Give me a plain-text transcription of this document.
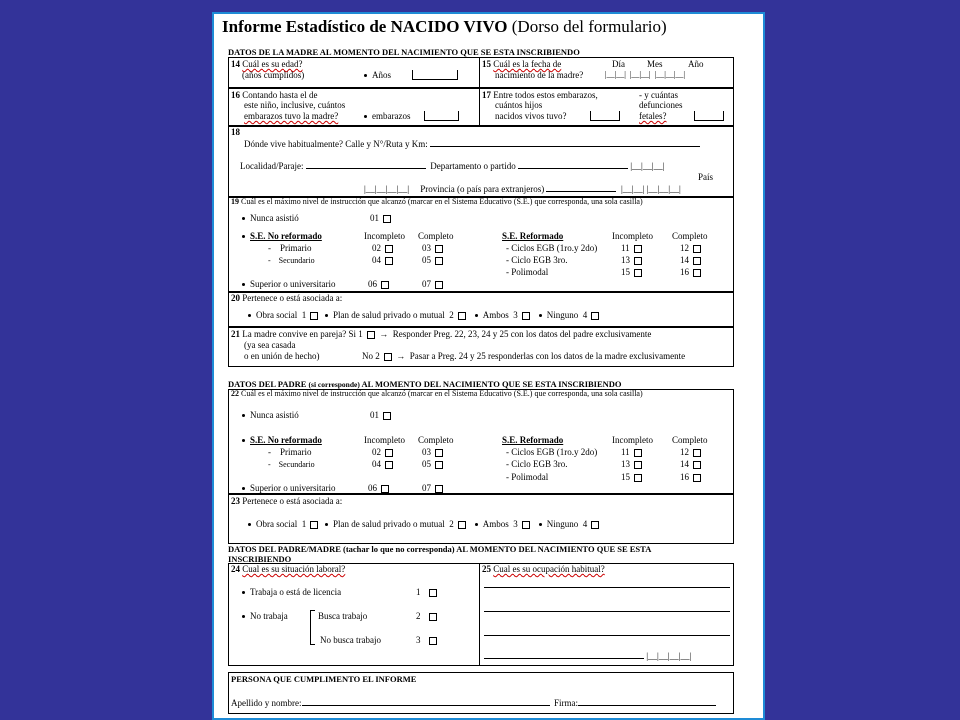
Informe Estadístico de NACIDO VIVO (Dorso del formulario)
DATOS DE LA MADRE AL MOMENTO DEL NACIMIENTO QUE SE ESTA INSCRIBIENDO
14 Cuál es su edad?
(años cumplidos)	Años
15 Cuál es la fecha de
nacimiento de la madre?
Día Mes	Año
|__|__|  |__|__|  |__|__|__|
16 Contando hasta el de
este niño, inclusive, cuántos
embarazos tuvo la madre?	embarazos
17 Entre todos estos embarazos,
cuántos hijos
nacidos vivos tuvo?
- y cuántas
defunciones
fetales?
18
Dónde vive habitualmente? Calle y N°/Ruta y Km:
Localidad/Paraje:	Departamento o partido	|__|__|__|
País
|__|__|__|__|     Provincia (o país para extranjeros)	|__|__| |__|__|__|
19 Cuál es el máximo nivel de instrucción que alcanzó (marcar en el Sistema Educativo (S.E.) que corresponda, una sola casilla)
Nunca asistió	01
S.E. No reformado	Incompleto Completo	S.E. Reformado	Incompleto Completo
-    Primario	02	03	- Ciclos EGB (1ro.y 2do)	11	12
-    Secundario	04	05	- Ciclo EGB 3ro.	13	14
- Polimodal	15	16
Superior o universitario	06	07
20 Pertenece o está asociada a:
Obra social 1	Plan de salud privado o mutual 2	Ambos 3	Ninguno 4
21 La madre convive en pareja? Si 1  →  Responder Preg. 22, 23, 24 y 25 con los datos del padre exclusivamente
(ya sea casada
o en unión de hecho)	No 2  →  Pasar a Preg. 24 y 25 responderlas con los datos de la madre exclusivamente
DATOS DEL PADRE (si corresponde) AL MOMENTO DEL NACIMIENTO QUE SE ESTA INSCRIBIENDO
22 Cuál es el máximo nivel de instrucción que alcanzó (marcar en el Sistema Educativo (S.E.) que corresponda, una sola casilla)
Nunca asistió	01
S.E. No reformado	Incompleto Completo	S.E. Reformado	Incompleto Completo
-    Primario	02	03	- Ciclos EGB (1ro.y 2do)	11	12
-    Secundario	04	05	- Ciclo EGB 3ro.	13	14
- Polimodal	15	16
Superior o universitario	06	07
23 Pertenece o está asociada a:
Obra social 1	Plan de salud privado o mutual 2	Ambos 3	Ninguno 4
DATOS DEL PADRE/MADRE (tachar lo que no corresponda) AL MOMENTO DEL NACIMIENTO QUE SE ESTA
INSCRIBIENDO
24 Cual es su situación laboral?
Trabaja o está de licencia	1
No trabaja	Busca trabajo	2
No busca trabajo	3
25 Cual es su ocupación habitual?
|__|__|__|__|
PERSONA QUE CUMPLIMENTO EL INFORME
Apellido y nombre:	Firma:
